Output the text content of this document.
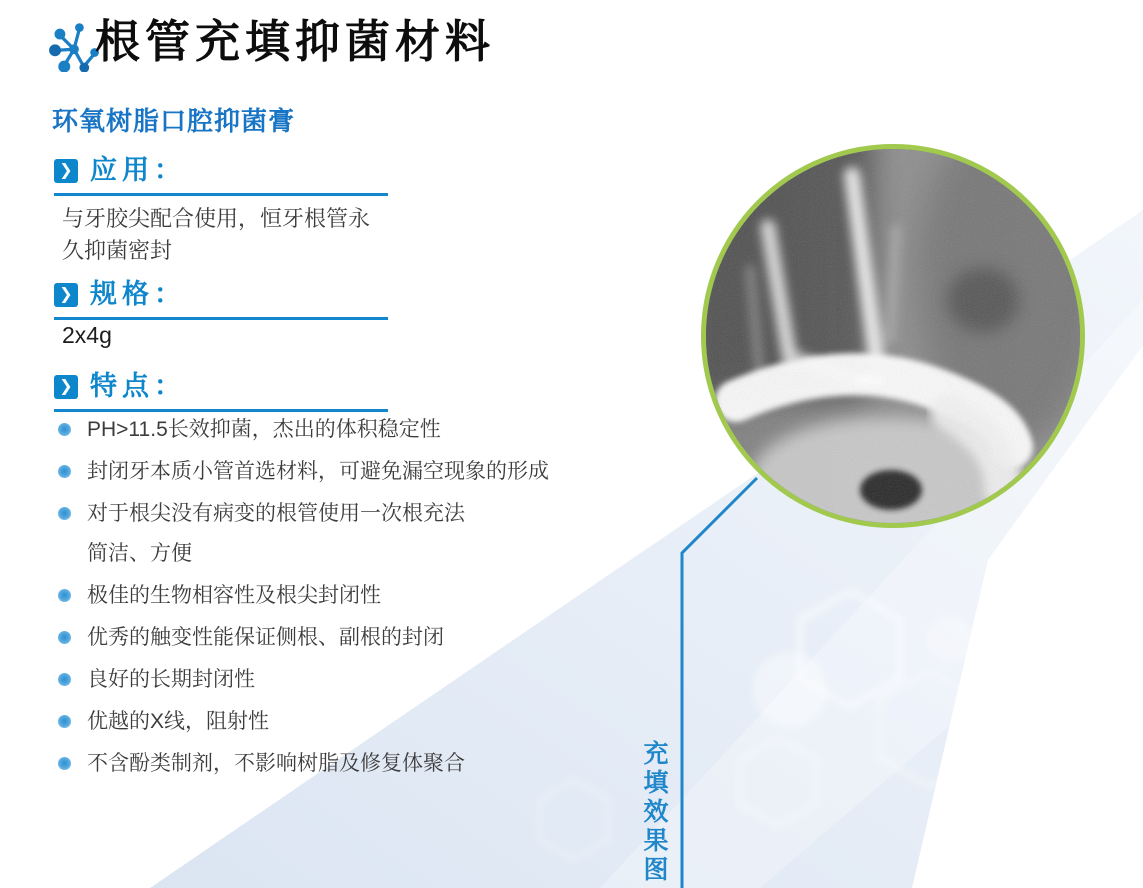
根管充填抑菌材料
环氧树脂口腔抑菌膏
❯ 应用：

与牙胶尖配合使用，恒牙根管永

久抑菌密封

❯ 规格：
2x4g
❯ 特点：
PH>11.5长效抑菌，杰出的体积稳定性
封闭牙本质小管首选材料，可避免漏空现象的形成
对于根尖没有病变的根管使用一次根充法
简洁、方便
极佳的生物相容性及根尖封闭性
优秀的触变性能保证侧根、副根的封闭
良好的长期封闭性
优越的X线，阻射性
不含酚类制剂，不影响树脂及修复体聚合	充填效果图
